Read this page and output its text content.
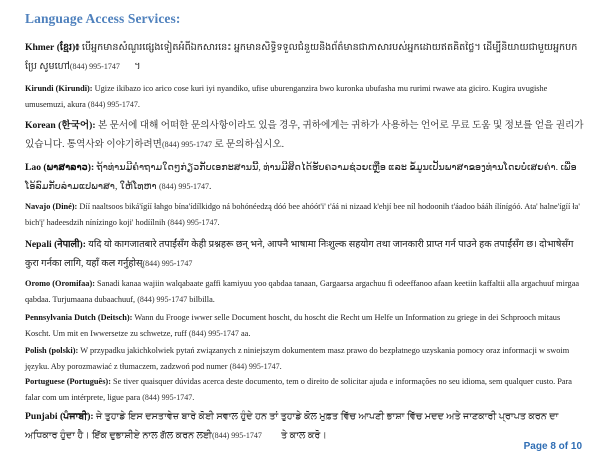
Language Access Services:

Khmer (ខ្មែរ)៖ បើអ្នកមានសំណួរផ្សេងទៀតអំពីឯកសារនេះ អ្នកមានសិទ្ធិទទួលជំនួយនិងព័ត៌មានជាភាសារបស់អ្នកដោយឥតគិតថ្លៃ។ ដើម្បីនិយាយជាមួយអ្នកបកប្រែ សូមហៅ(844) 995-1747      ។

Kirundi (Kirundi): Ugize ikibazo ico arico cose kuri iyi nyandiko, ufise uburenganzira bwo kuronka ubufasha mu rurimi rwawe ata giciro. Kugira uvugishe umusemuzi, akura (844) 995-1747.

Korean (한국어): 본 문서에 대해 어떠한 문의사항이라도 있을 경우, 귀하에게는 귀하가 사용하는 언어로 무료 도움 및 정보를 얻을 권리가 있습니다. 통역사와 이야기하려면(844) 995-1747 로 문의하십시오.

Lao (ພາສາລາວ): ຖ້າທ່ານມີຄໍາຖາມໃດໆກ່ຽວກັບເອກະສານນີ້, ທ່ານມີສິດໄດ້ຮັບຄວາມຊ່ວຍເຫຼືອ ແລະ ຂໍ້ມູນເປັນພາສາຂອງທ່ານໂດຍບໍ່ເສຍຄ່າ. ເພື່ອໂອ້ລົມກັບລ່າມແປພາສາ, ໃຫ້ໂທຫາ (844) 995-1747.

Navajo (Diné): Díí naaltsoos biká'ígíí łahgo bína'ídílkidgo ná bohónéedzą dóó bee ahóót'i' t'áá ni nizaad k'ehjí bee níl hodoonih t'áadoo bááh ílínígóó. Ata' halne'ígíí ła' bich'į' hadeesdzih nínízingo koji' hodíílnih (844) 995-1747.

Nepali (नेपाली): यदि यो कागजातबारे तपाईंसँग केही प्रश्नहरू छन् भने, आफ्नै भाषामा निःशुल्क सहयोग तथा जानकारी प्राप्त गर्न पाउने हक तपाईंसँग छ। दोभाषेसँग कुरा गर्नका लागि, यहाँ कल गर्नुहोस्(844) 995-1747

Oromo (Oromifaa): Sanadi kanaa wajiin walqabaate gaffi kamiyuu yoo qabdaa tanaan, Gargaarsa argachuu fi odeeffanoo afaan keetiin kaffaltii alla argachuuf mirgaa qabdaa. Turjumaana dubaachuuf, (844) 995-1747 bilbilla.

Pennsylvania Dutch (Deitsch): Wann du Frooge iwwer selle Document hoscht, du hoscht die Recht um Helfe un Information zu griege in dei Schprooch mitaus Koscht. Um mit en Iwwersetze zu schwetze, ruff (844) 995-1747 aa.

Polish (polski): W przypadku jakichkolwiek pytań związanych z niniejszym dokumentem masz prawo do bezpłatnego uzyskania pomocy oraz informacji w swoim języku. Aby porozmawiać z tłumaczem, zadzwoń pod numer (844) 995-1747.

Portuguese (Português): Se tiver quaisquer dúvidas acerca deste documento, tem o direito de solicitar ajuda e informações no seu idioma, sem qualquer custo. Para falar com um intérprete, ligue para (844) 995-1747.

Punjabi (ਪੰਜਾਬੀ): ਜੇ ਤੁਹਾਡੇ ਇਸ ਦਸਤਾਵੇਜ਼ ਬਾਰੇ ਕੋਈ ਸਵਾਲ ਹੁੰਦੇ ਹਨ ਤਾਂ ਤੁਹਾਡੇ ਕੋਲ ਮੁਫ਼ਤ ਵਿੱਚ ਆਪਣੀ ਭਾਸ਼ਾ ਵਿੱਚ ਮਦਦ ਅਤੇ ਜਾਣਕਾਰੀ ਪ੍ਰਾਪਤ ਕਰਨ ਦਾ ਅਧਿਕਾਰ ਹੁੰਦਾ ਹੈ। ਇੱਕ ਦੁਭਾਸ਼ੀਏ ਨਾਲ ਗੱਲ ਕਰਨ ਲਈ(844) 995-1747        ਤੇ ਕਾਲ ਕਰੋ।

Page 8 of 10
